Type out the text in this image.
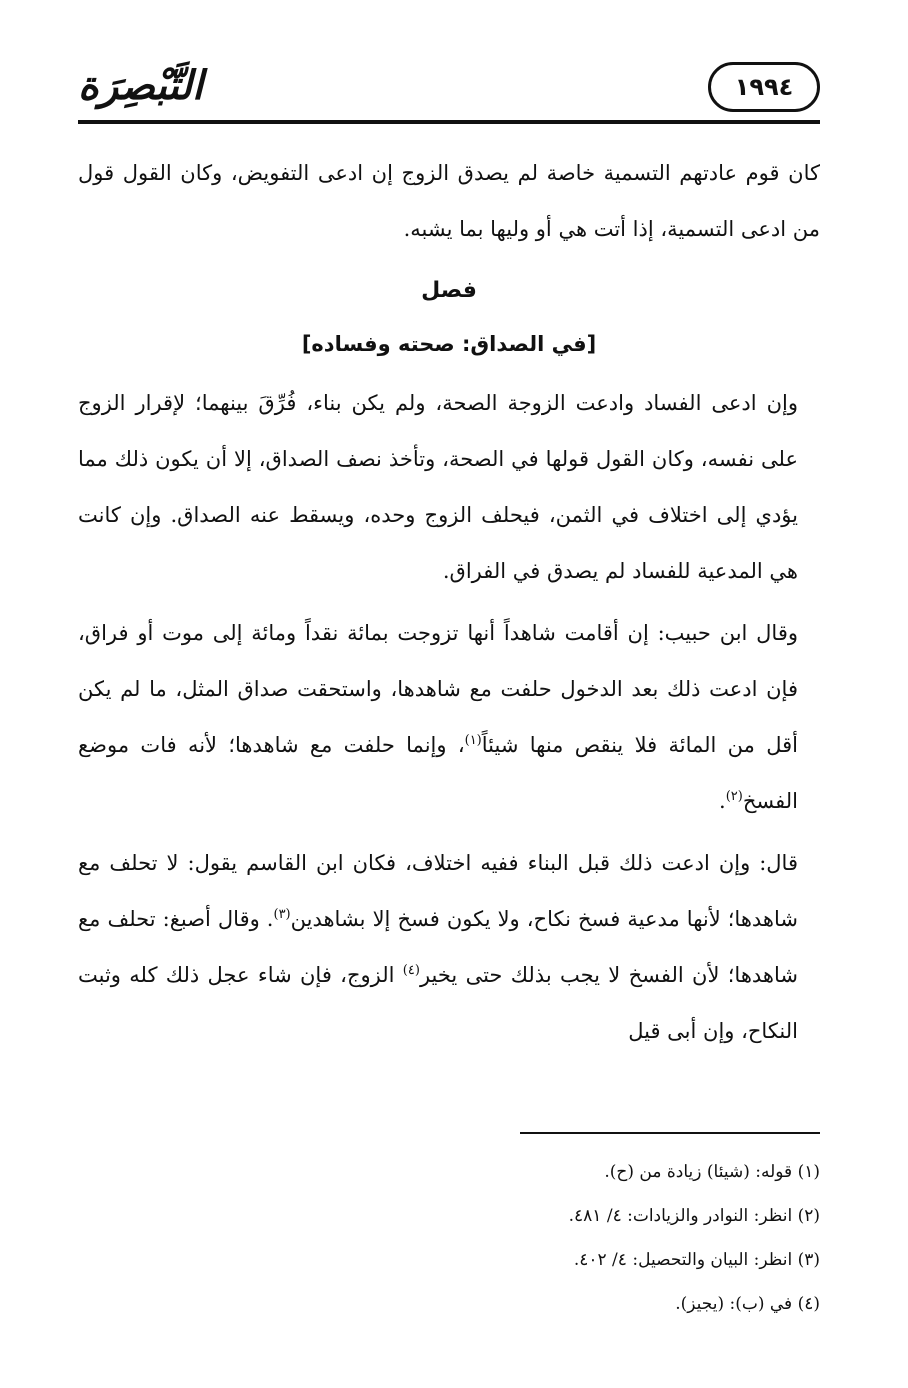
التَّبْصِرَة	١٩٩٤

كان قوم عادتهم التسمية خاصة لم يصدق الزوج إن ادعى التفويض، وكان القول قول من ادعى التسمية، إذا أتت هي أو وليها بما يشبه.

فصل
[في الصداق: صحته وفساده]

وإن ادعى الفساد وادعت الزوجة الصحة، ولم يكن بناء، فُرِّقَ بينهما؛ لإقرار الزوج على نفسه، وكان القول قولها في الصحة، وتأخذ نصف الصداق، إلا أن يكون ذلك مما يؤدي إلى اختلاف في الثمن، فيحلف الزوج وحده، ويسقط عنه الصداق. وإن كانت هي المدعية للفساد لم يصدق في الفراق.

وقال ابن حبيب: إن أقامت شاهداً أنها تزوجت بمائة نقداً ومائة إلى موت أو فراق، فإن ادعت ذلك بعد الدخول حلفت مع شاهدها، واستحقت صداق المثل، ما لم يكن أقل من المائة فلا ينقص منها شيئاً$^{(١)}$، وإنما حلفت مع شاهدها؛ لأنه فات موضع الفسخ$^{(٢)}$.

قال: وإن ادعت ذلك قبل البناء ففيه اختلاف، فكان ابن القاسم يقول: لا تحلف مع شاهدها؛ لأنها مدعية فسخ نكاح، ولا يكون فسخ إلا بشاهدين$^{(٣)}$. وقال أصبغ: تحلف مع شاهدها؛ لأن الفسخ لا يجب بذلك حتى يخير$^{(٤)}$ الزوج، فإن شاء عجل ذلك كله وثبت النكاح، وإن أبى قيل

(١) قوله: (شيئا) زيادة من (ح).

(٢) انظر: النوادر والزيادات: ٤/ ٤٨١.

(٣) انظر: البيان والتحصيل: ٤/ ٤٠٢.

(٤) في (ب): (يجيز).
